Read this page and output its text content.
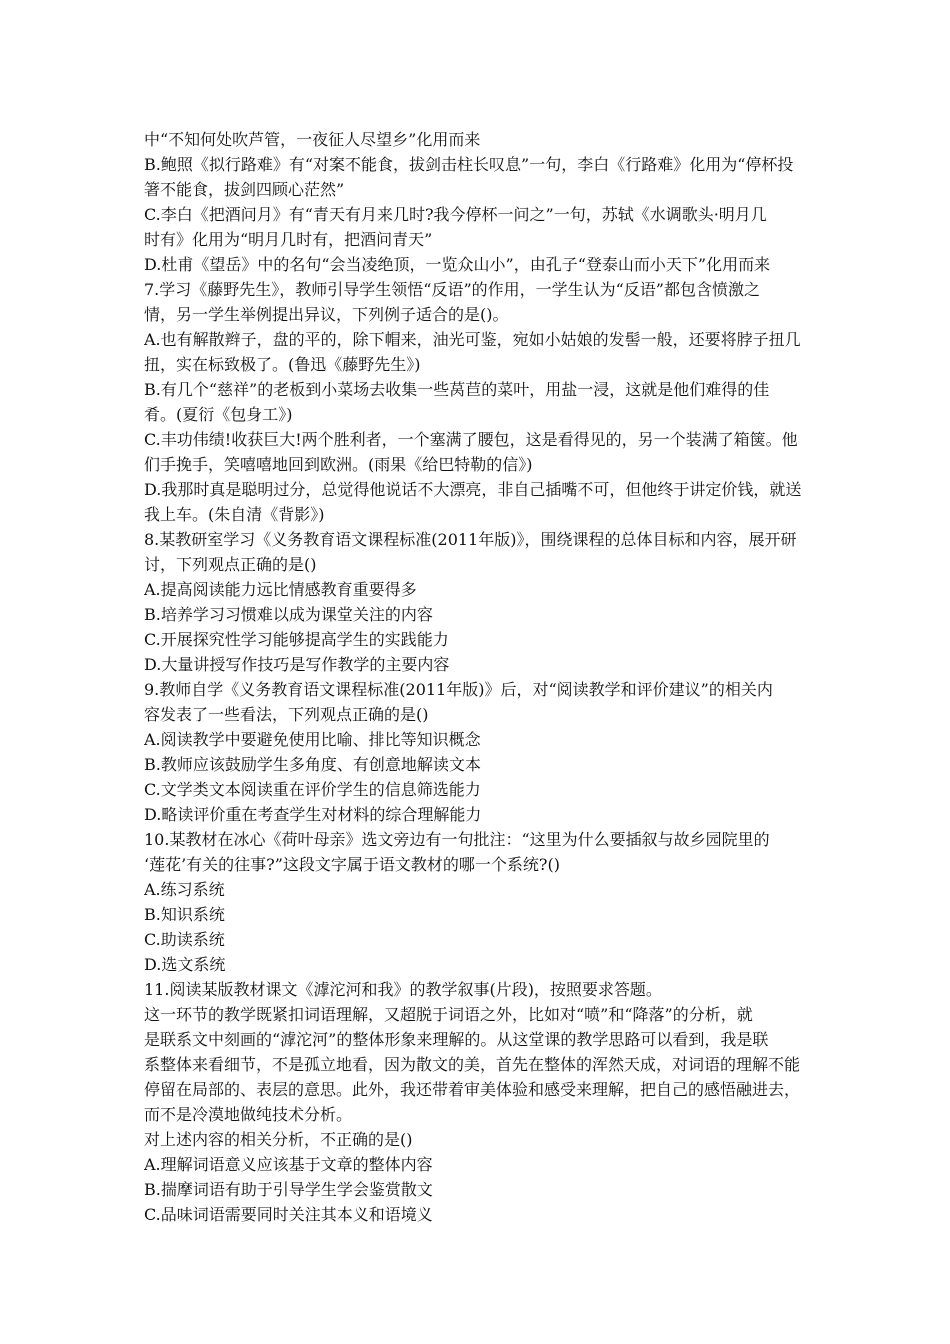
中“不知何处吹芦管，一夜征人尽望乡”化用而来
B.鲍照《拟行路难》有“对案不能食，拔剑击柱长叹息”一句，李白《行路难》化用为“停杯投
箸不能食，拔剑四顾心茫然”
C.李白《把酒问月》有“青天有月来几时?我今停杯一问之”一句，苏轼《水调歌头·明月几
时有》化用为“明月几时有，把酒问青天”
D.杜甫《望岳》中的名句“会当凌绝顶，一览众山小”，由孔子“登泰山而小天下”化用而来
7.学习《藤野先生》，教师引导学生领悟“反语”的作用，一学生认为“反语”都包含愤激之
情，另一学生举例提出异议，下列例子适合的是()。
A.也有解散辫子，盘的平的，除下帽来，油光可鉴，宛如小姑娘的发髻一般，还要将脖子扭几
扭，实在标致极了。(鲁迅《藤野先生》)
B.有几个“慈祥”的老板到小菜场去收集一些莴苣的菜叶，用盐一浸，这就是他们难得的佳
肴。(夏衍《包身工》)
C.丰功伟绩!收获巨大!两个胜利者，一个塞满了腰包，这是看得见的，另一个装满了箱箧。他
们手挽手，笑嘻嘻地回到欧洲。(雨果《给巴特勒的信》)
D.我那时真是聪明过分，总觉得他说话不大漂亮，非自己插嘴不可，但他终于讲定价钱，就送
我上车。(朱自清《背影》)
8.某教研室学习《义务教育语文课程标准(2011年版)》，围绕课程的总体目标和内容，展开研
讨，下列观点正确的是()
A.提高阅读能力远比情感教育重要得多
B.培养学习习惯难以成为课堂关注的内容
C.开展探究性学习能够提高学生的实践能力
D.大量讲授写作技巧是写作教学的主要内容
9.教师自学《义务教育语文课程标准(2011年版)》后，对“阅读教学和评价建议”的相关内
容发表了一些看法，下列观点正确的是()
A.阅读教学中要避免使用比喻、排比等知识概念
B.教师应该鼓励学生多角度、有创意地解读文本
C.文学类文本阅读重在评价学生的信息筛选能力
D.略读评价重在考查学生对材料的综合理解能力
10.某教材在冰心《荷叶母亲》选文旁边有一句批注：“这里为什么要插叙与故乡园院里的
‘莲花’有关的往事?”这段文字属于语文教材的哪一个系统?()
A.练习系统
B.知识系统
C.助读系统
D.选文系统
11.阅读某版教材课文《滹沱河和我》的教学叙事(片段)，按照要求答题。
这一环节的教学既紧扣词语理解，又超脱于词语之外，比如对“喷”和“降落”的分析，就
是联系文中刻画的“滹沱河”的整体形象来理解的。从这堂课的教学思路可以看到，我是联
系整体来看细节，不是孤立地看，因为散文的美，首先在整体的浑然天成，对词语的理解不能
停留在局部的、表层的意思。此外，我还带着审美体验和感受来理解，把自己的感悟融进去，
而不是冷漠地做纯技术分析。
对上述内容的相关分析，不正确的是()
A.理解词语意义应该基于文章的整体内容
B.揣摩词语有助于引导学生学会鉴赏散文
C.品味词语需要同时关注其本义和语境义
